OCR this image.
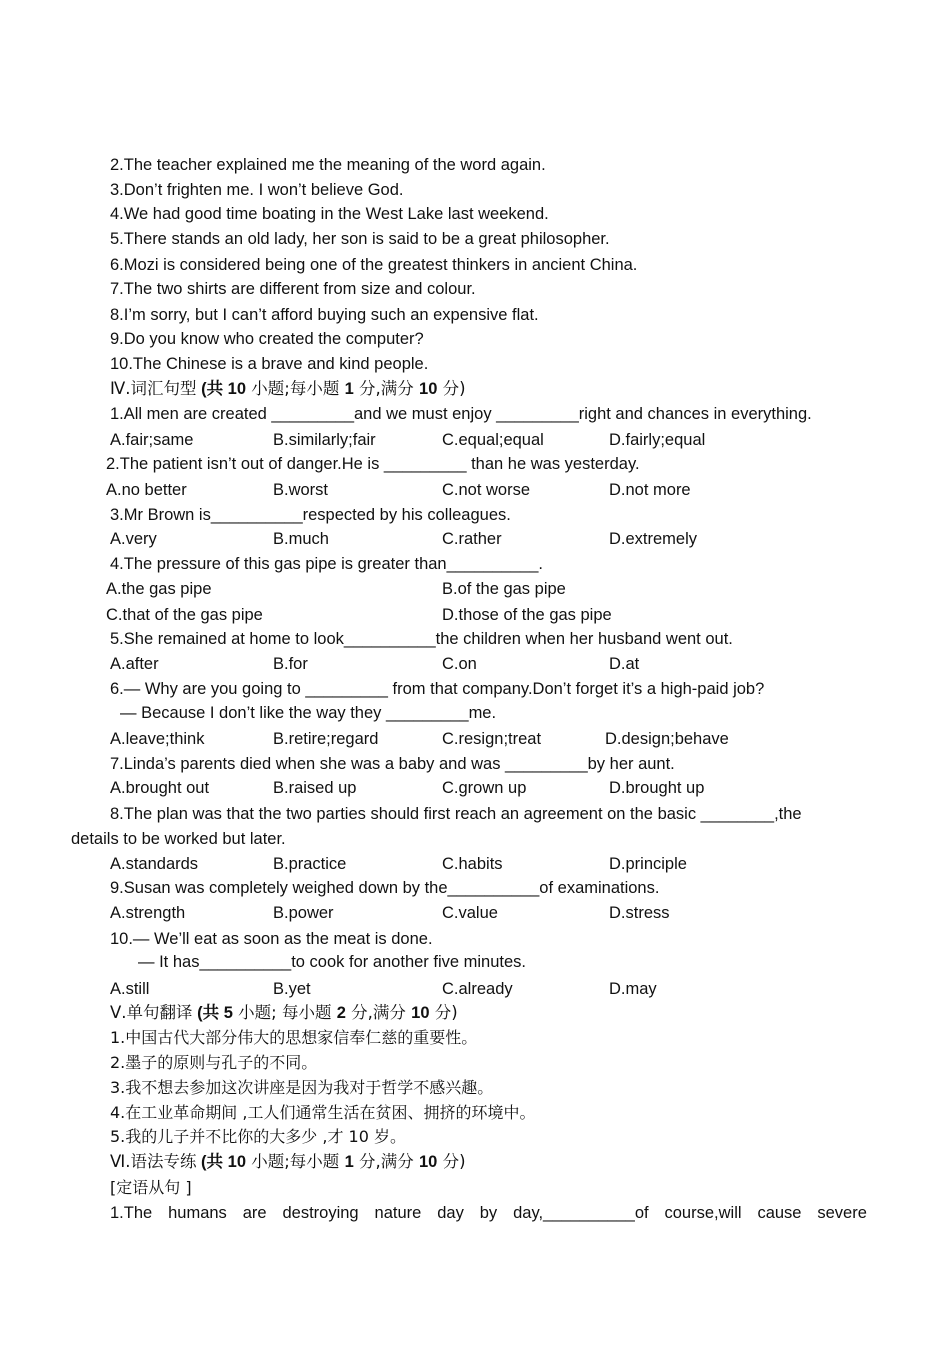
2.The teacher explained me the meaning of the word again.
3.Don’t frighten me. I won’t believe God.
4.We had good time boating in the West Lake last weekend.
5.There stands an old lady, her son is said to be a great philosopher.
6.Mozi is considered being one of the greatest thinkers in ancient China.
7.The two shirts are different from size and colour.
8.I’m sorry, but I can’t afford buying such an expensive flat.
9.Do you know who created the computer?
10.The Chinese is a brave and kind people.
Ⅳ.词汇句型 (共 10 小题;每小题 1 分,满分 10 分)
1.All men are created _________and we must enjoy _________right and chances in everything.
A.fair;same	B.similarly;fair	C.equal;equal	D.fairly;equal
2.The patient isn’t out of danger.He is _________ than he was yesterday.
A.no better	B.worst	C.not worse	D.not more
3.Mr Brown is__________respected by his colleagues.
A.very	B.much	C.rather	D.extremely
4.The pressure of this gas pipe is greater than__________.
A.the gas pipe	B.of the gas pipe
C.that of the gas pipe	D.those of the gas pipe
5.She remained at home to look__________the children when her husband went out.
A.after	B.for	C.on	D.at
6.— Why are you going to _________ from that company.Don’t forget it’s a high-paid job?
— Because I don’t like the way they _________me.
A.leave;think	B.retire;regard	C.resign;treat	D.design;behave
7.Linda’s parents died when she was a baby and was _________by her aunt.
A.brought out	B.raised up	C.grown up	D.brought up
8.The plan was that the two parties should first reach an agreement on the basic ________,the
details to be worked but later.
A.standards	B.practice	C.habits	D.principle
9.Susan was completely weighed down by the__________of examinations.
A.strength	B.power	C.value	D.stress
10.— We’ll eat as soon as the meat is done.
— It has__________to cook for another five minutes.
A.still	B.yet	C.already	D.may
Ⅴ.单句翻译 (共 5 小题; 每小题 2 分,满分 10 分)
1.中国古代大部分伟大的思想家信奉仁慈的重要性。
2.墨子的原则与孔子的不同。
3.我不想去参加这次讲座是因为我对于哲学不感兴趣。
4.在工业革命期间 ,工人们通常生活在贫困、拥挤的环境中。
5.我的儿子并不比你的大多少 ,才 10 岁。
Ⅵ.语法专练 (共 10 小题;每小题 1 分,满分 10 分)
[定语从句 ]
1.The humans are destroying nature day by day,__________of course,will cause severe
